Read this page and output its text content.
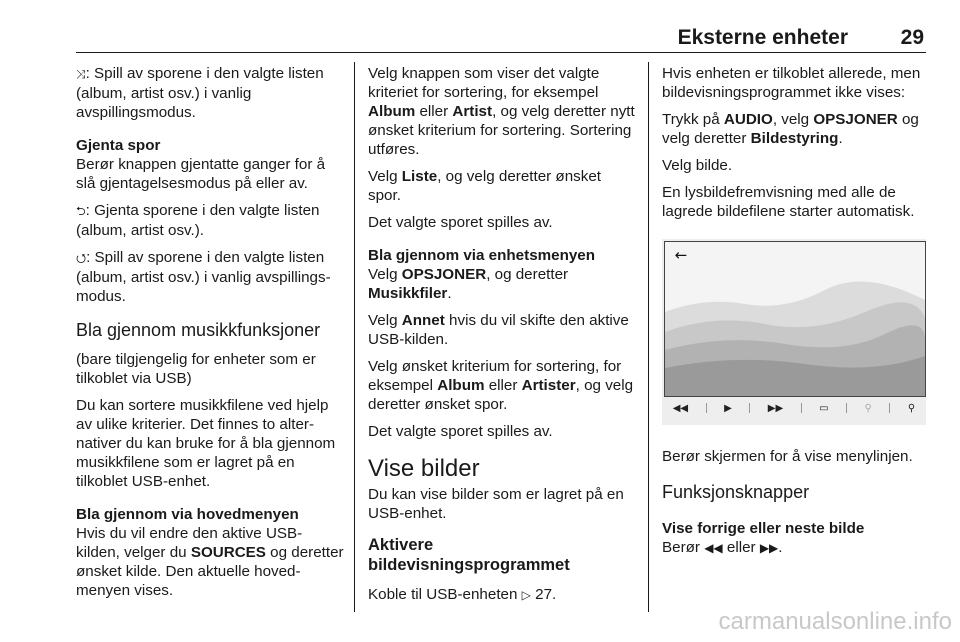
Eksterne enheter	29

⤨: Spill av sporene i den valgte listen (album, artist osv.) i vanlig avspillingsmodus.

Gjenta spor

Berør knappen gjentatte ganger for å slå gjentagelsesmodus på eller av.

⮌: Gjenta sporene i den valgte listen (album, artist osv.).

⭯: Spill av sporene i den valgte listen (album, artist osv.) i vanlig avspillingsmodus.

Bla gjennom musikkfunksjoner

(bare tilgjengelig for enheter som er tilkoblet via USB)

Du kan sortere musikkfilene ved hjelp av ulike kriterier. Det finnes to alternativer du kan bruke for å bla gjennom musikkfilene som er lagret på en tilkoblet USB-enhet.

Bla gjennom via hovedmenyen

Hvis du vil endre den aktive USB-kilden, velger du SOURCES og deretter ønsket kilde. Den aktuelle hovedmenyen vises.

Velg knappen som viser det valgte kriteriet for sortering, for eksempel Album eller Artist, og velg deretter nytt ønsket kriterium for sortering. Sortering utføres.

Velg Liste, og velg deretter ønsket spor.

Det valgte sporet spilles av.

Bla gjennom via enhetsmenyen

Velg OPSJONER, og deretter Musikkfiler.

Velg Annet hvis du vil skifte den aktive USB-kilden.

Velg ønsket kriterium for sortering, for eksempel Album eller Artister, og velg deretter ønsket spor.

Det valgte sporet spilles av.

Vise bilder

Du kan vise bilder som er lagret på en USB-enhet.

Aktivere bildevisningsprogrammet

Koble til USB-enheten ▷ 27.

Hvis enheten er tilkoblet allerede, men bildevisningsprogrammet ikke vises:

Trykk på AUDIO, velg OPSJONER og velg deretter Bildestyring.

Velg bilde.

En lysbildefremvisning med alle de lagrede bildefilene starter automatisk.

←
◀◀	▶	▶▶	▭	⚲	⚲

Berør skjermen for å vise menylinjen.

Funksjonsknapper

Vise forrige eller neste bilde

Berør ◀◀ eller ▶▶.

carmanualsonline.info
